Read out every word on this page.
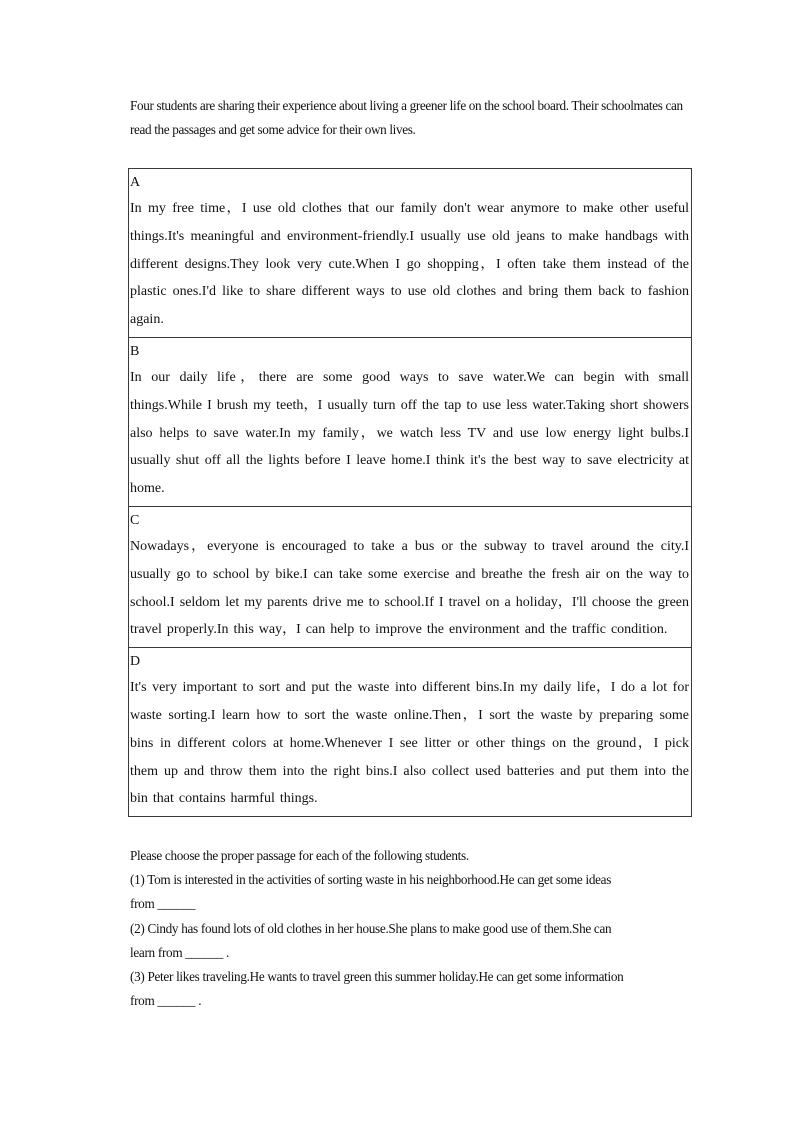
Four students are sharing their experience about living a greener life on the school board. Their schoolmates can read the passages and get some advice for their own lives.
A
In my free time，I use old clothes that our family don't wear anymore to make other useful things.It's meaningful and environment-friendly.I usually use old jeans to make handbags with different designs.They look very cute.When I go shopping，I often take them instead of the plastic ones.I'd like to share different ways to use old clothes and bring them back to fashion again.
B
In our daily life，there are some good ways to save water.We can begin with small things.While I brush my teeth，I usually turn off the tap to use less water.Taking short showers also helps to save water.In my family，we watch less TV and use low energy light bulbs.I usually shut off all the lights before I leave home.I think it's the best way to save electricity at home.
C
Nowadays，everyone is encouraged to take a bus or the subway to travel around the city.I usually go to school by bike.I can take some exercise and breathe the fresh air on the way to school.I seldom let my parents drive me to school.If I travel on a holiday，I'll choose the green travel properly.In this way，I can help to improve the environment and the traffic condition.
D
It's very important to sort and put the waste into different bins.In my daily life，I do a lot for waste sorting.I learn how to sort the waste online.Then，I sort the waste by preparing some bins in different colors at home.Whenever I see litter or other things on the ground，I pick them up and throw them into the right bins.I also collect used batteries and put them into the bin that contains harmful things.
Please choose the proper passage for each of the following students.
(1) Tom is interested in the activities of sorting waste in his neighborhood.He can get some ideas
from ______
(2) Cindy has found lots of old clothes in her house.She plans to make good use of them.She can
learn from ______ .
(3) Peter likes traveling.He wants to travel green this summer holiday.He can get some information
from ______ .
